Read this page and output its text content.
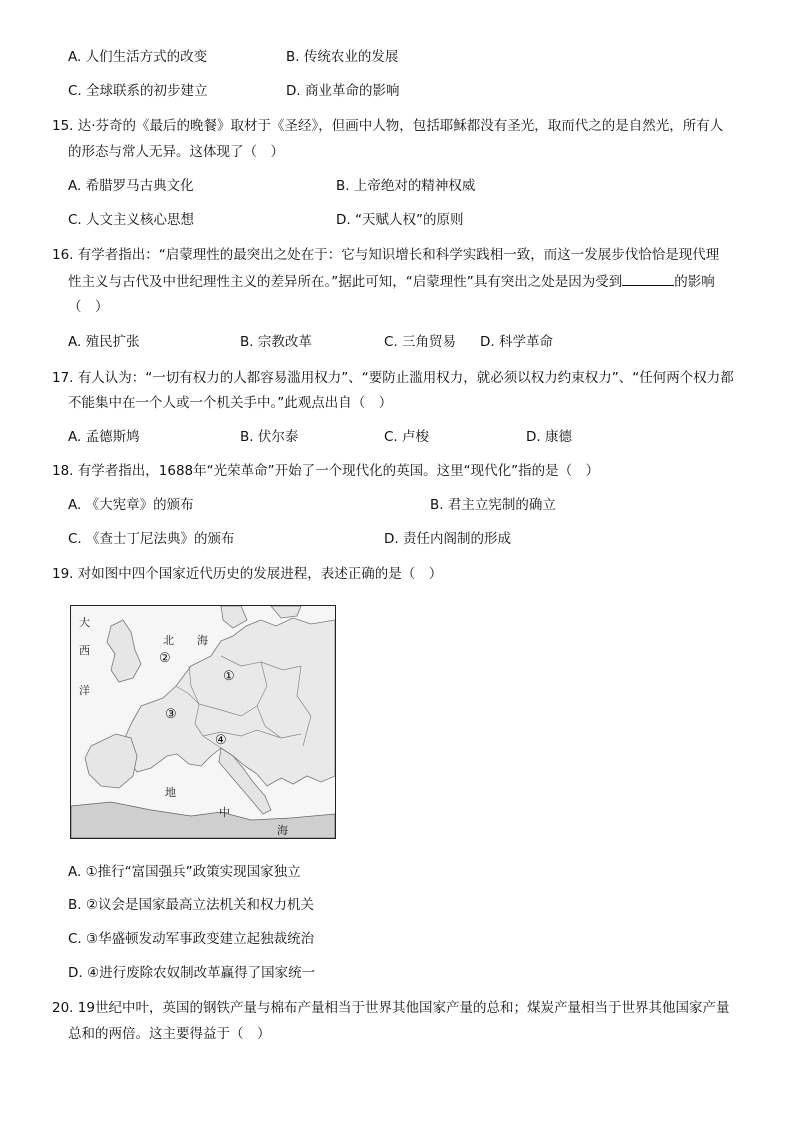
A. 人们生活方式的改变	B. 传统农业的发展
C. 全球联系的初步建立	D. 商业革命的影响
15. 达·芬奇的《最后的晚餐》取材于《圣经》，但画中人物，包括耶稣都没有圣光，取而代之的是自然光，所有人
的形态与常人无异。这体现了（　）
A. 希腊罗马古典文化	B. 上帝绝对的精神权威
C. 人文主义核心思想	D. “天赋人权”的原则
16. 有学者指出：“启蒙理性的最突出之处在于：它与知识增长和科学实践相一致，而这一发展步伐恰恰是现代理
性主义与古代及中世纪理性主义的差异所在。”据此可知，“启蒙理性”具有突出之处是因为受到	的影响
（　）
A. 殖民扩张	B. 宗教改革	C. 三角贸易 D. 科学革命
17. 有人认为：“一切有权力的人都容易滥用权力”、“要防止滥用权力，就必须以权力约束权力”、“任何两个权力都
不能集中在一个人或一个机关手中。”此观点出自（　）
A. 孟德斯鸠	B. 伏尔泰	C. 卢梭	D. 康德
18. 有学者指出，1688年“光荣革命”开始了一个现代化的英国。这里“现代化”指的是（　）
A. 《大宪章》的颁布	B. 君主立宪制的确立
C. 《查士丁尼法典》的颁布	D. 责任内阁制的形成
19. 对如图中四个国家近代历史的发展进程，表述正确的是（　）
大
西
洋
北 海
地
中
海
②
①
③
④
A. ①推行“富国强兵”政策实现国家独立
B. ②议会是国家最高立法机关和权力机关
C. ③华盛顿发动军事政变建立起独裁统治
D. ④进行废除农奴制改革赢得了国家统一
20. 19世纪中叶，英国的钢铁产量与棉布产量相当于世界其他国家产量的总和；煤炭产量相当于世界其他国家产量
总和的两倍。这主要得益于（　）
